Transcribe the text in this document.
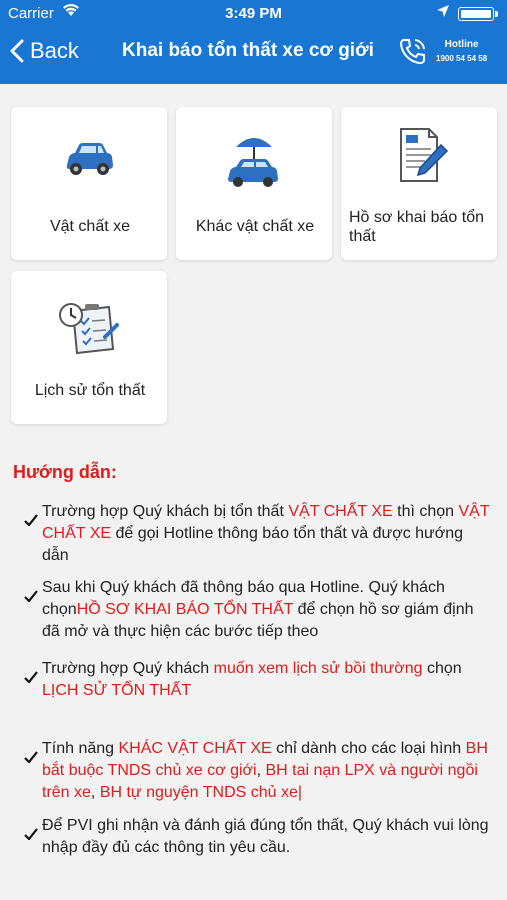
Carrier	3:49 PM
Back Khai báo tổn thất xe cơ giới	Hotline
1900 54 54 58
Vật chất xe	Khác vật chất xe
Hồ sơ khai báo tổn thất
Lịch sử tổn thất
Hướng dẫn:
Trường hợp Quý khách bị tổn thất VẬT CHẤT XE thì chọn VẬT CHẤT XE để gọi Hotline thông báo tổn thất và được hướng dẫn
Sau khi Quý khách đã thông báo qua Hotline. Quý khách chọnHỒ SƠ KHAI BÁO TỔN THẤT để chọn hồ sơ giám định đã mở và thực hiện các bước tiếp theo
Trường hợp Quý khách muốn xem lịch sử bồi thường chọn LỊCH SỬ TỔN THẤT
Tính năng KHÁC VẬT CHẤT XE chỉ dành cho các loại hình BH bắt buộc TNDS chủ xe cơ giới, BH tai nạn LPX và người ngồi trên xe, BH tự nguyện TNDS chủ xe|
Để PVI ghi nhận và đánh giá đúng tổn thất, Quý khách vui lòng nhập đầy đủ các thông tin yêu cầu.
